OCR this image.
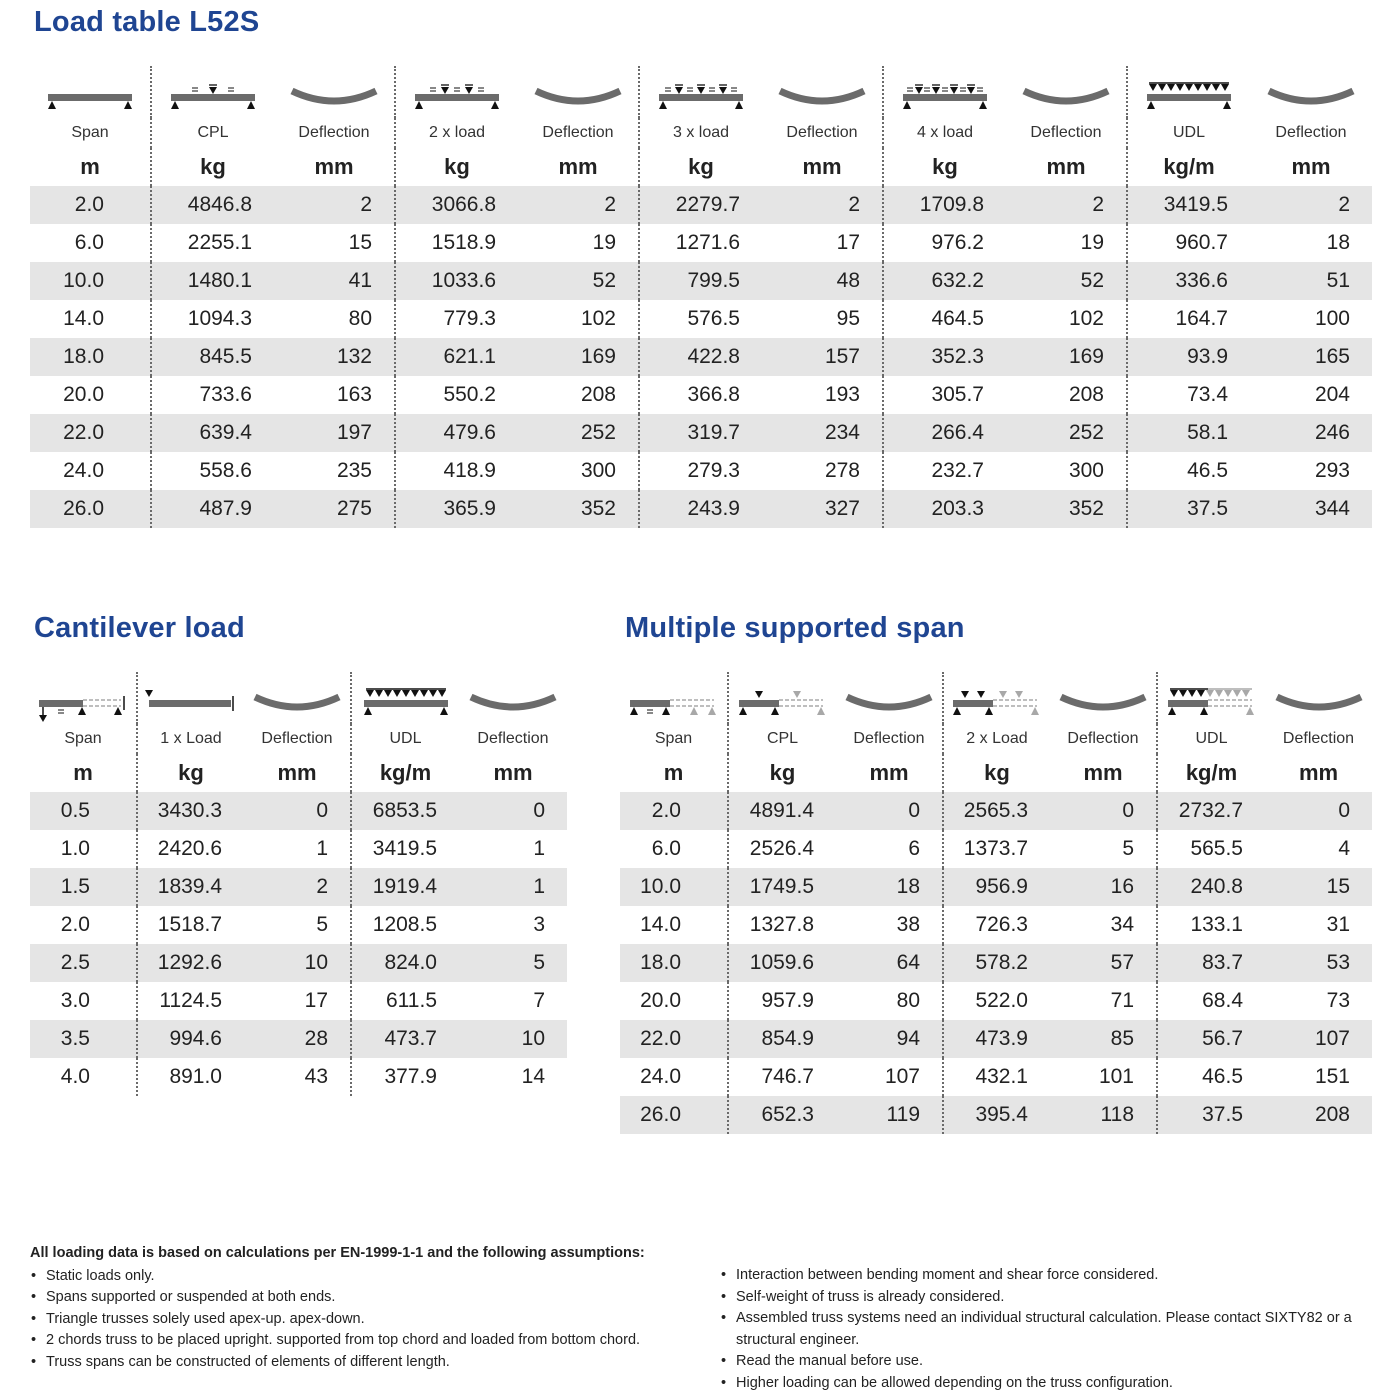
Load table L52S

Span	CPL	Deflection	2 x load	Deflection	3 x load	Deflection	4 x load	Deflection	UDL	Deflection
m	kg	mm	kg	mm	kg	mm	kg	mm	kg/m	mm
2.0	4846.8	2	3066.8	2	2279.7	2	1709.8	2	3419.5	2
6.0	2255.1	15	1518.9	19	1271.6	17	976.2	19	960.7	18
10.0	1480.1	41	1033.6	52	799.5	48	632.2	52	336.6	51
14.0	1094.3	80	779.3	102	576.5	95	464.5	102	164.7	100
18.0	845.5	132	621.1	169	422.8	157	352.3	169	93.9	165
20.0	733.6	163	550.2	208	366.8	193	305.7	208	73.4	204
22.0	639.4	197	479.6	252	319.7	234	266.4	252	58.1	246
24.0	558.6	235	418.9	300	279.3	278	232.7	300	46.5	293
26.0	487.9	275	365.9	352	243.9	327	203.3	352	37.5	344
Cantilever load

Span	1 x Load	Deflection	UDL	Deflection
m	kg	mm	kg/m	mm
0.5	3430.3	0	6853.5	0
1.0	2420.6	1	3419.5	1
1.5	1839.4	2	1919.4	1
2.0	1518.7	5	1208.5	3
2.5	1292.6	10	824.0	5
3.0	1124.5	17	611.5	7
3.5	994.6	28	473.7	10
4.0	891.0	43	377.9	14
Multiple supported span

Span	CPL	Deflection	2 x Load	Deflection	UDL	Deflection
m	kg	mm	kg	mm	kg/m	mm
2.0	4891.4	0	2565.3	0	2732.7	0
6.0	2526.4	6	1373.7	5	565.5	4
10.0	1749.5	18	956.9	16	240.8	15
14.0	1327.8	38	726.3	34	133.1	31
18.0	1059.6	64	578.2	57	83.7	53
20.0	957.9	80	522.0	71	68.4	73
22.0	854.9	94	473.9	85	56.7	107
24.0	746.7	107	432.1	101	46.5	151
26.0	652.3	119	395.4	118	37.5	208
All loading data is based on calculations per EN-1999-1-1 and the following assumptions:
• Static loads only.
• Spans supported or suspended at both ends.
• Triangle trusses solely used apex-up. apex-down.
• 2 chords truss to be placed upright. supported from top chord and loaded from bottom chord.
• Truss spans can be constructed of elements of different length.
• Interaction between bending moment and shear force considered.
• Self-weight of truss is already considered.
• Assembled truss systems need an individual structural calculation. Please contact SIXTY82 or a structural engineer.
• Read the manual before use.
• Higher loading can be allowed depending on the truss configuration.
